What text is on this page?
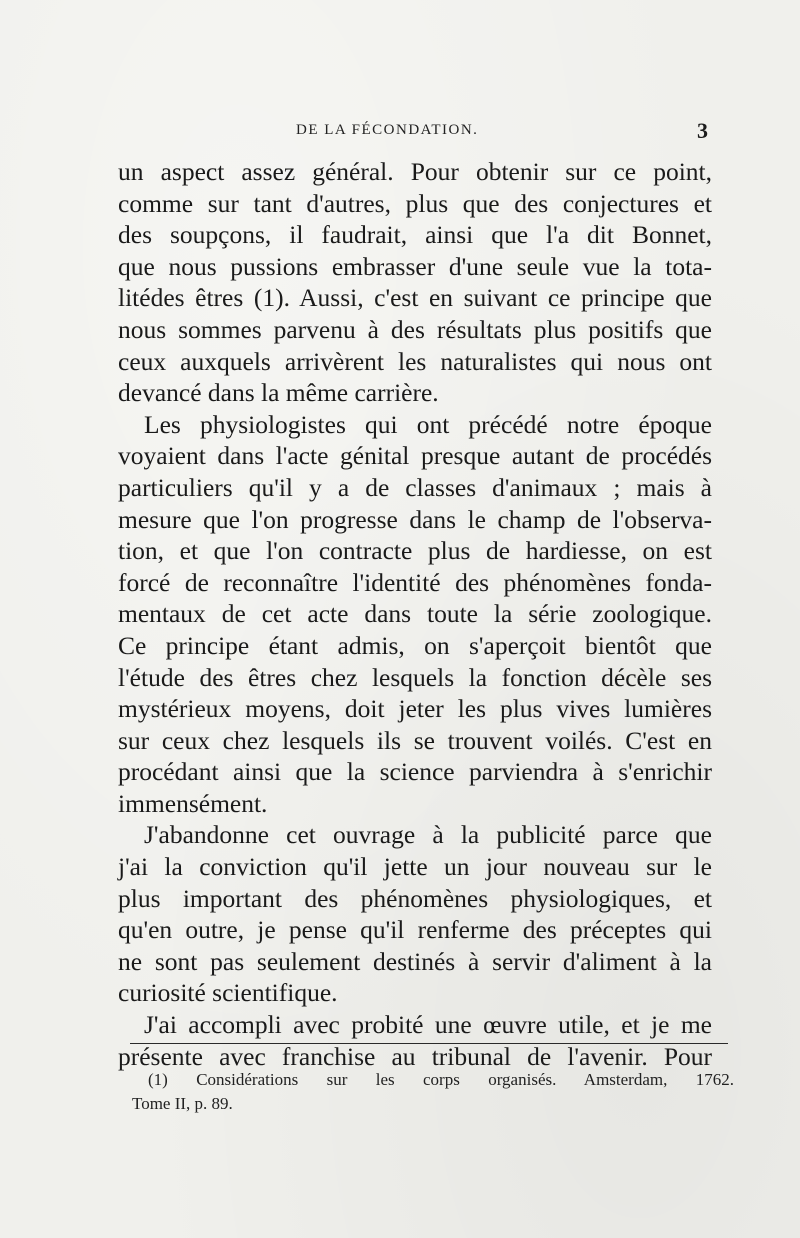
DE LA FÉCONDATION.	3
un aspect assez général. Pour obtenir sur ce point,
comme sur tant d'autres, plus que des conjectures et
des soupçons, il faudrait, ainsi que l'a dit Bonnet,
que nous pussions embrasser d'une seule vue la tota-
litédes êtres (1). Aussi, c'est en suivant ce principe que
nous sommes parvenu à des résultats plus positifs que
ceux auxquels arrivèrent les naturalistes qui nous ont
devancé dans la même carrière.
Les physiologistes qui ont précédé notre époque
voyaient dans l'acte génital presque autant de procédés
particuliers qu'il y a de classes d'animaux ; mais à
mesure que l'on progresse dans le champ de l'observa-
tion, et que l'on contracte plus de hardiesse, on est
forcé de reconnaître l'identité des phénomènes fonda-
mentaux de cet acte dans toute la série zoologique.
Ce principe étant admis, on s'aperçoit bientôt que
l'étude des êtres chez lesquels la fonction décèle ses
mystérieux moyens, doit jeter les plus vives lumières
sur ceux chez lesquels ils se trouvent voilés. C'est en
procédant ainsi que la science parviendra à s'enrichir
immensément.
J'abandonne cet ouvrage à la publicité parce que
j'ai la conviction qu'il jette un jour nouveau sur le
plus important des phénomènes physiologiques, et
qu'en outre, je pense qu'il renferme des préceptes qui
ne sont pas seulement destinés à servir d'aliment à la
curiosité scientifique.
J'ai accompli avec probité une œuvre utile, et je me
présente avec franchise au tribunal de l'avenir. Pour
(1) Considérations sur les corps organisés. Amsterdam, 1762.
Tome II, p. 89.
